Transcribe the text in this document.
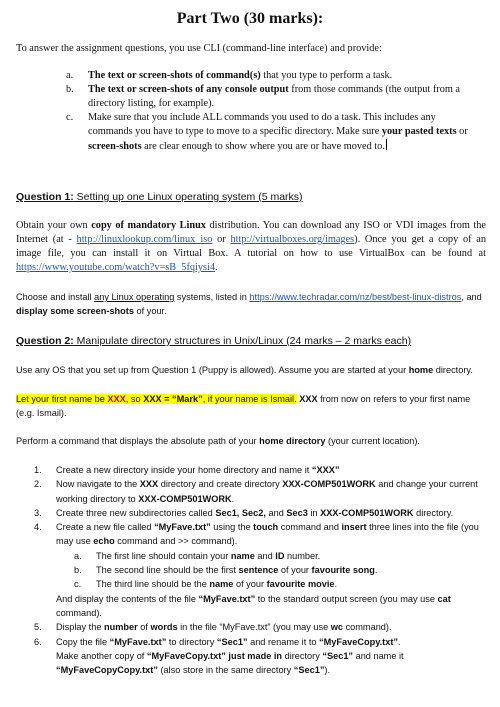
Part Two (30 marks):
To answer the assignment questions, you use CLI (command-line interface) and provide:
a. The text or screen-shots of command(s) that you type to perform a task.
b. The text or screen-shots of any console output from those commands (the output from a directory listing, for example).
c. Make sure that you include ALL commands you used to do a task. This includes any commands you have to type to move to a specific directory. Make sure your pasted texts or screen-shots are clear enough to show where you are or have moved to.
Question 1: Setting up one Linux operating system (5 marks)
Obtain your own copy of mandatory Linux distribution. You can download any ISO or VDI images from the Internet (at - http://linuxlookup.com/linux_iso or http://virtualboxes.org/images). Once you get a copy of an image file, you can install it on Virtual Box. A tutorial on how to use VirtualBox can be found at https://www.youtube.com/watch?v=sB_5fqiysi4.
Choose and install any Linux operating systems, listed in https://www.techradar.com/nz/best/best-linux-distros, and display some screen-shots of your.
Question 2: Manipulate directory structures in Unix/Linux (24 marks – 2 marks each)
Use any OS that you set up from Question 1 (Puppy is allowed). Assume you are started at your home directory.
Let your first name be XXX, so XXX = “Mark”, if your name is Ismail. XXX from now on refers to your first name (e.g. Ismail).
Perform a command that displays the absolute path of your home directory (your current location).
1. Create a new directory inside your home directory and name it “XXX”
2. Now navigate to the XXX directory and create directory XXX-COMP501WORK and change your current working directory to XXX-COMP501WORK.
3. Create three new subdirectories called Sec1, Sec2, and Sec3 in XXX-COMP501WORK directory.
4. Create a new file called “MyFave.txt” using the touch command and insert three lines into the file (you may use echo command and >> command).
a. The first line should contain your name and ID number.
b. The second line should be the first sentence of your favourite song.
c. The third line should be the name of your favourite movie.
And display the contents of the file “MyFave.txt” to the standard output screen (you may use cat command).
5. Display the number of words in the file “MyFave.txt” (you may use wc command).
6. Copy the file “MyFave.txt” to directory “Sec1” and rename it to “MyFaveCopy.txt”.
Make another copy of “MyFaveCopy.txt” just made in directory “Sec1” and name it “MyFaveCopyCopy.txt” (also store in the same directory “Sec1”).
